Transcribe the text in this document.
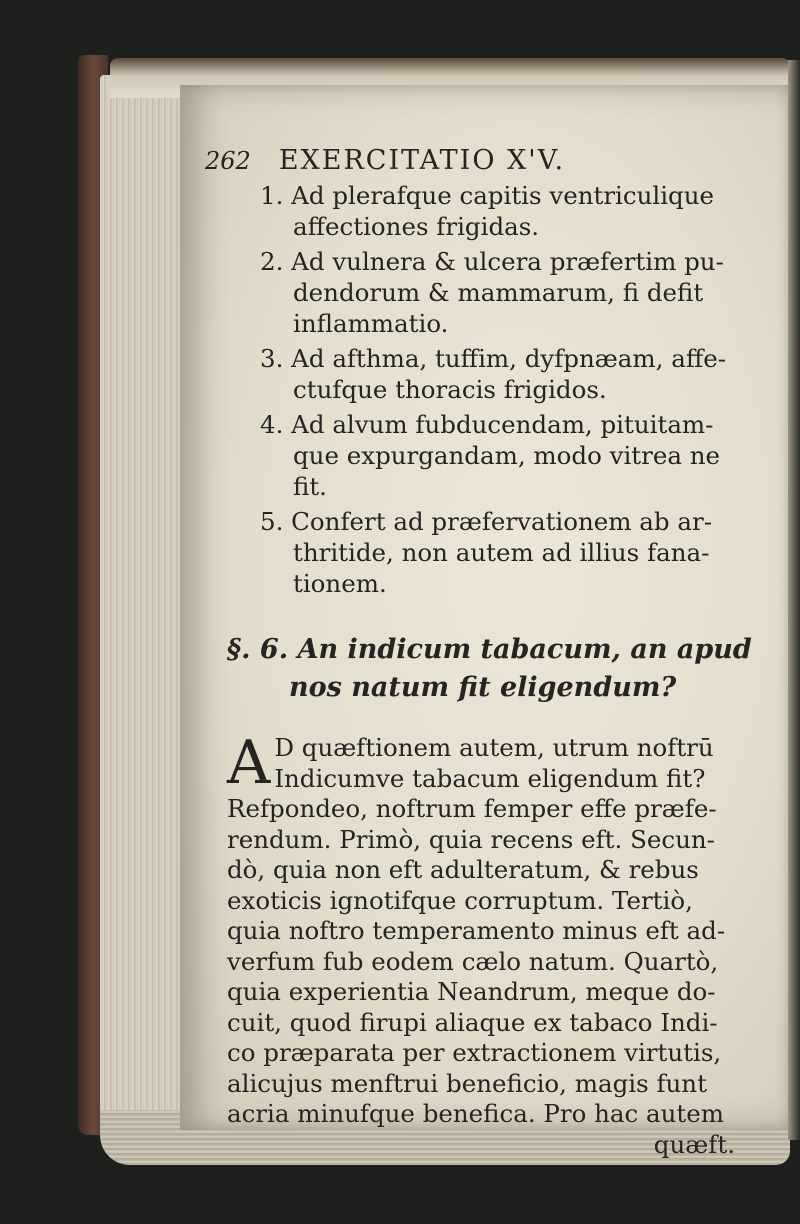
262 EXERCITATIO X'V.
1. Ad plerafque capitis ventriculique
affectiones frigidas.
2. Ad vulnera & ulcera præfertim pu-
dendorum & mammarum, fi defit
inflammatio.
3. Ad afthma, tuffim, dyfpnæam, affe-
ctufque thoracis frigidos.
4. Ad alvum fubducendam, pituitam-
que expurgandam, modo vitrea ne
fit.
5. Confert ad præfervationem ab ar-
thritide, non autem ad illius fana-
tionem.
§. 6. An indicum tabacum, an apud
nos natum fit eligendum?
A D quæftionem autem, utrum noftrū
Indicumve tabacum eligendum fit?
Refpondeo, noftrum femper effe præfe-
rendum. Primò, quia recens eft. Secun-
dò, quia non eft adulteratum, & rebus
exoticis ignotifque corruptum. Tertiò,
quia noftro temperamento minus eft ad-
verfum fub eodem cælo natum. Quartò,
quia experientia Neandrum, meque do-
cuit, quod firupi aliaque ex tabaco Indi-
co præparata per extractionem virtutis,
alicujus menftrui beneficio, magis funt
acria minufque benefica. Pro hac autem
quæft.
